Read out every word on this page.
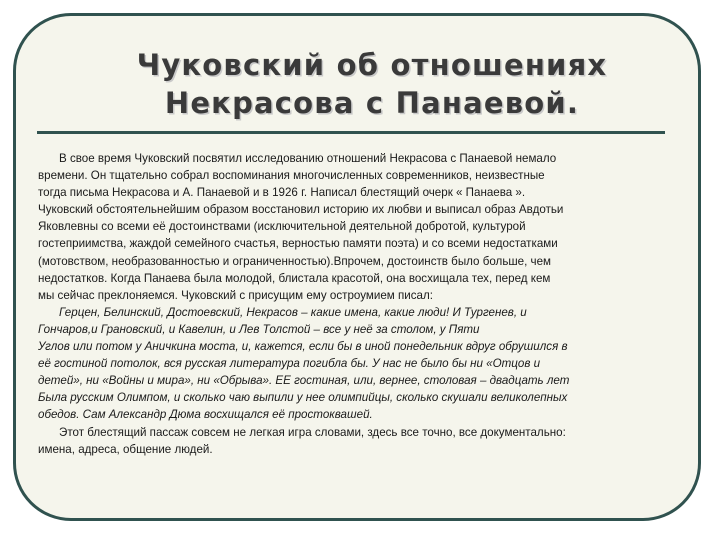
Чуковский об отношениях
Некрасова с Панаевой.
В свое время Чуковский посвятил исследованию отношений Некрасова с Панаевой немало
времени. Он тщательно собрал воспоминания многочисленных современников, неизвестные
тогда письма Некрасова и А. Панаевой и в 1926 г. Написал блестящий очерк « Панаева ».
Чуковский обстоятельнейшим образом восстановил историю их любви и выписал образ Авдотьи
Яковлевны со всеми её достоинствами (исключительной деятельной добротой, культурой
гостеприимства, жаждой семейного счастья, верностью памяти поэта) и со всеми недостатками
(мотовством, необразованностью и ограниченностью).Впрочем, достоинств было больше, чем
недостатков. Когда Панаева была молодой, блистала красотой, она восхищала тех, перед кем
мы сейчас преклоняемся. Чуковский с присущим ему остроумием писал:
Герцен, Белинский, Достоевский, Некрасов – какие имена, какие люди! И Тургенев, и
Гончаров,и Грановский, и Кавелин, и Лев Толстой – все у неё за столом, у Пяти
Углов или потом у Аничкина моста, и, кажется, если бы в иной понедельник вдруг обрушился в
её гостиной потолок, вся русская литература погибла бы. У нас не было бы ни «Отцов и
детей», ни «Войны и мира», ни «Обрыва». ЕЕ гостиная, или, вернее, столовая – двадцать лет
Была русским Олимпом, и сколько чаю выпили у нее олимпийцы, сколько скушали великолепных
обедов. Сам Александр Дюма восхищался её простоквашей.
Этот блестящий пассаж совсем не легкая игра словами, здесь все точно, все документально:
имена, адреса, общение людей.
